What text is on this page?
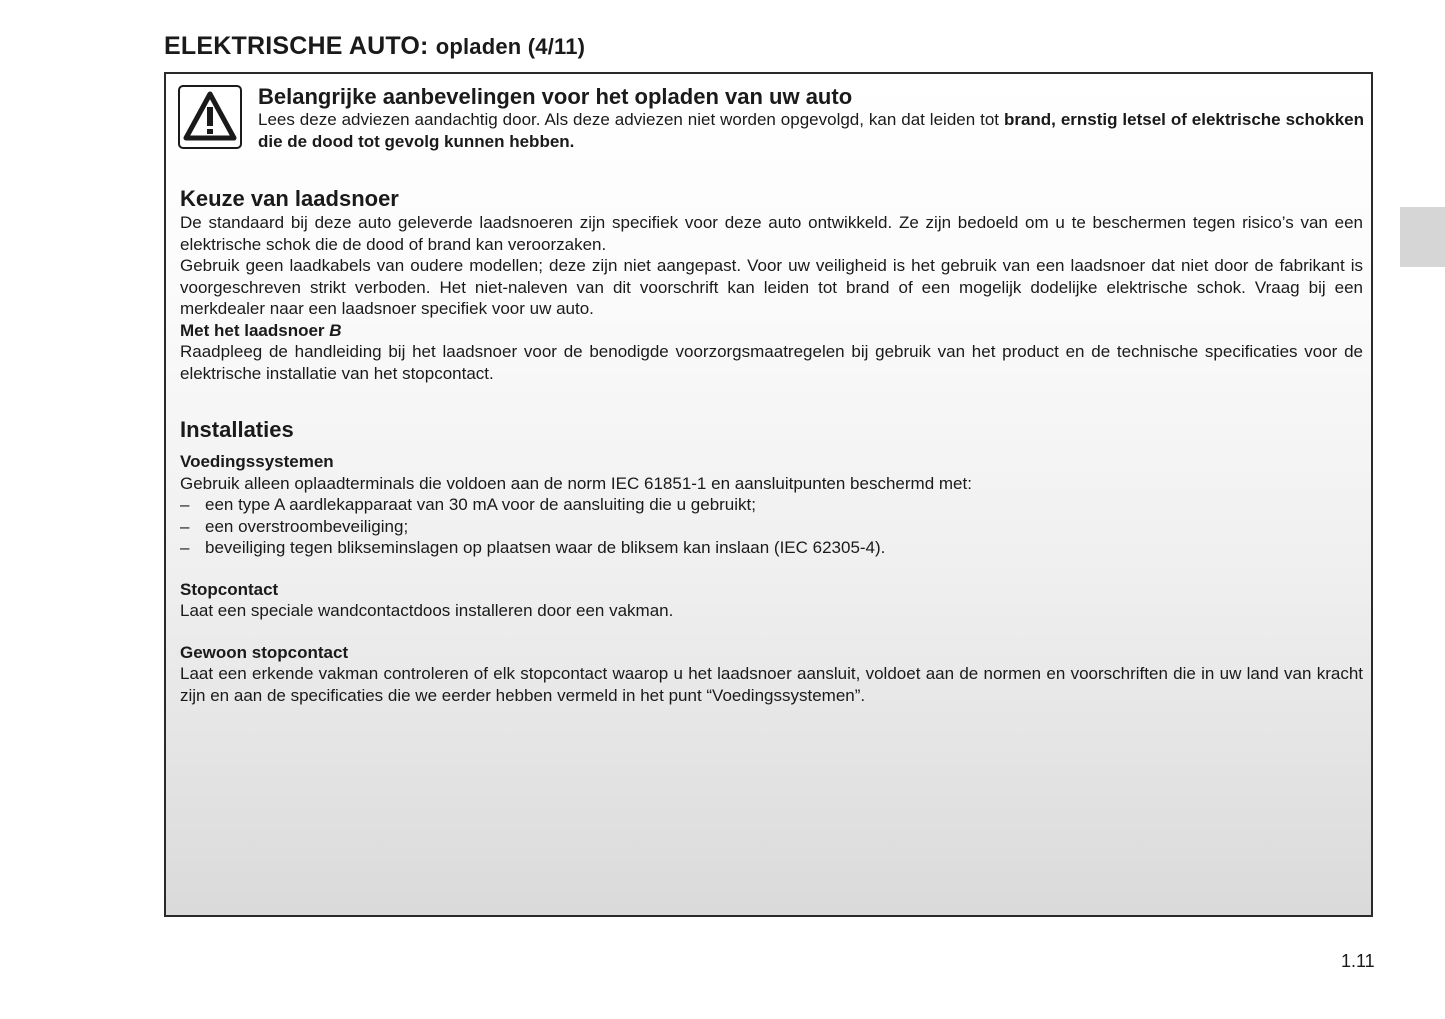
ELEKTRISCHE AUTO: opladen (4/11)

Belangrijke aanbevelingen voor het opladen van uw auto

Lees deze adviezen aandachtig door. Als deze adviezen niet worden opgevolgd, kan dat leiden tot brand, ernstig letsel of elektrische schokken die de dood tot gevolg kunnen hebben.

Keuze van laadsnoer

De standaard bij deze auto geleverde laadsnoeren zijn specifiek voor deze auto ontwikkeld. Ze zijn bedoeld om u te beschermen tegen risico’s van een elektrische schok die de dood of brand kan veroorzaken.

Gebruik geen laadkabels van oudere modellen; deze zijn niet aangepast. Voor uw veiligheid is het gebruik van een laadsnoer dat niet door de fabrikant is voorgeschreven strikt verboden. Het niet-naleven van dit voorschrift kan leiden tot brand of een mogelijk dodelijke elektrische schok. Vraag bij een merkdealer naar een laadsnoer specifiek voor uw auto.

Met het laadsnoer B

Raadpleeg de handleiding bij het laadsnoer voor de benodigde voorzorgsmaatregelen bij gebruik van het product en de technische specificaties voor de elektrische installatie van het stopcontact.

Installaties

Voedingssystemen

Gebruik alleen oplaadterminals die voldoen aan de norm IEC 61851-1 en aansluitpunten beschermd met:

– een type A aardlekapparaat van 30 mA voor de aansluiting die u gebruikt;
– een overstroombeveiliging;
– beveiliging tegen blikseminslagen op plaatsen waar de bliksem kan inslaan (IEC 62305-4).

Stopcontact

Laat een speciale wandcontactdoos installeren door een vakman.

Gewoon stopcontact

Laat een erkende vakman controleren of elk stopcontact waarop u het laadsnoer aansluit, voldoet aan de normen en voorschriften die in uw land van kracht zijn en aan de specificaties die we eerder hebben vermeld in het punt “Voedingssystemen”.

1.11
